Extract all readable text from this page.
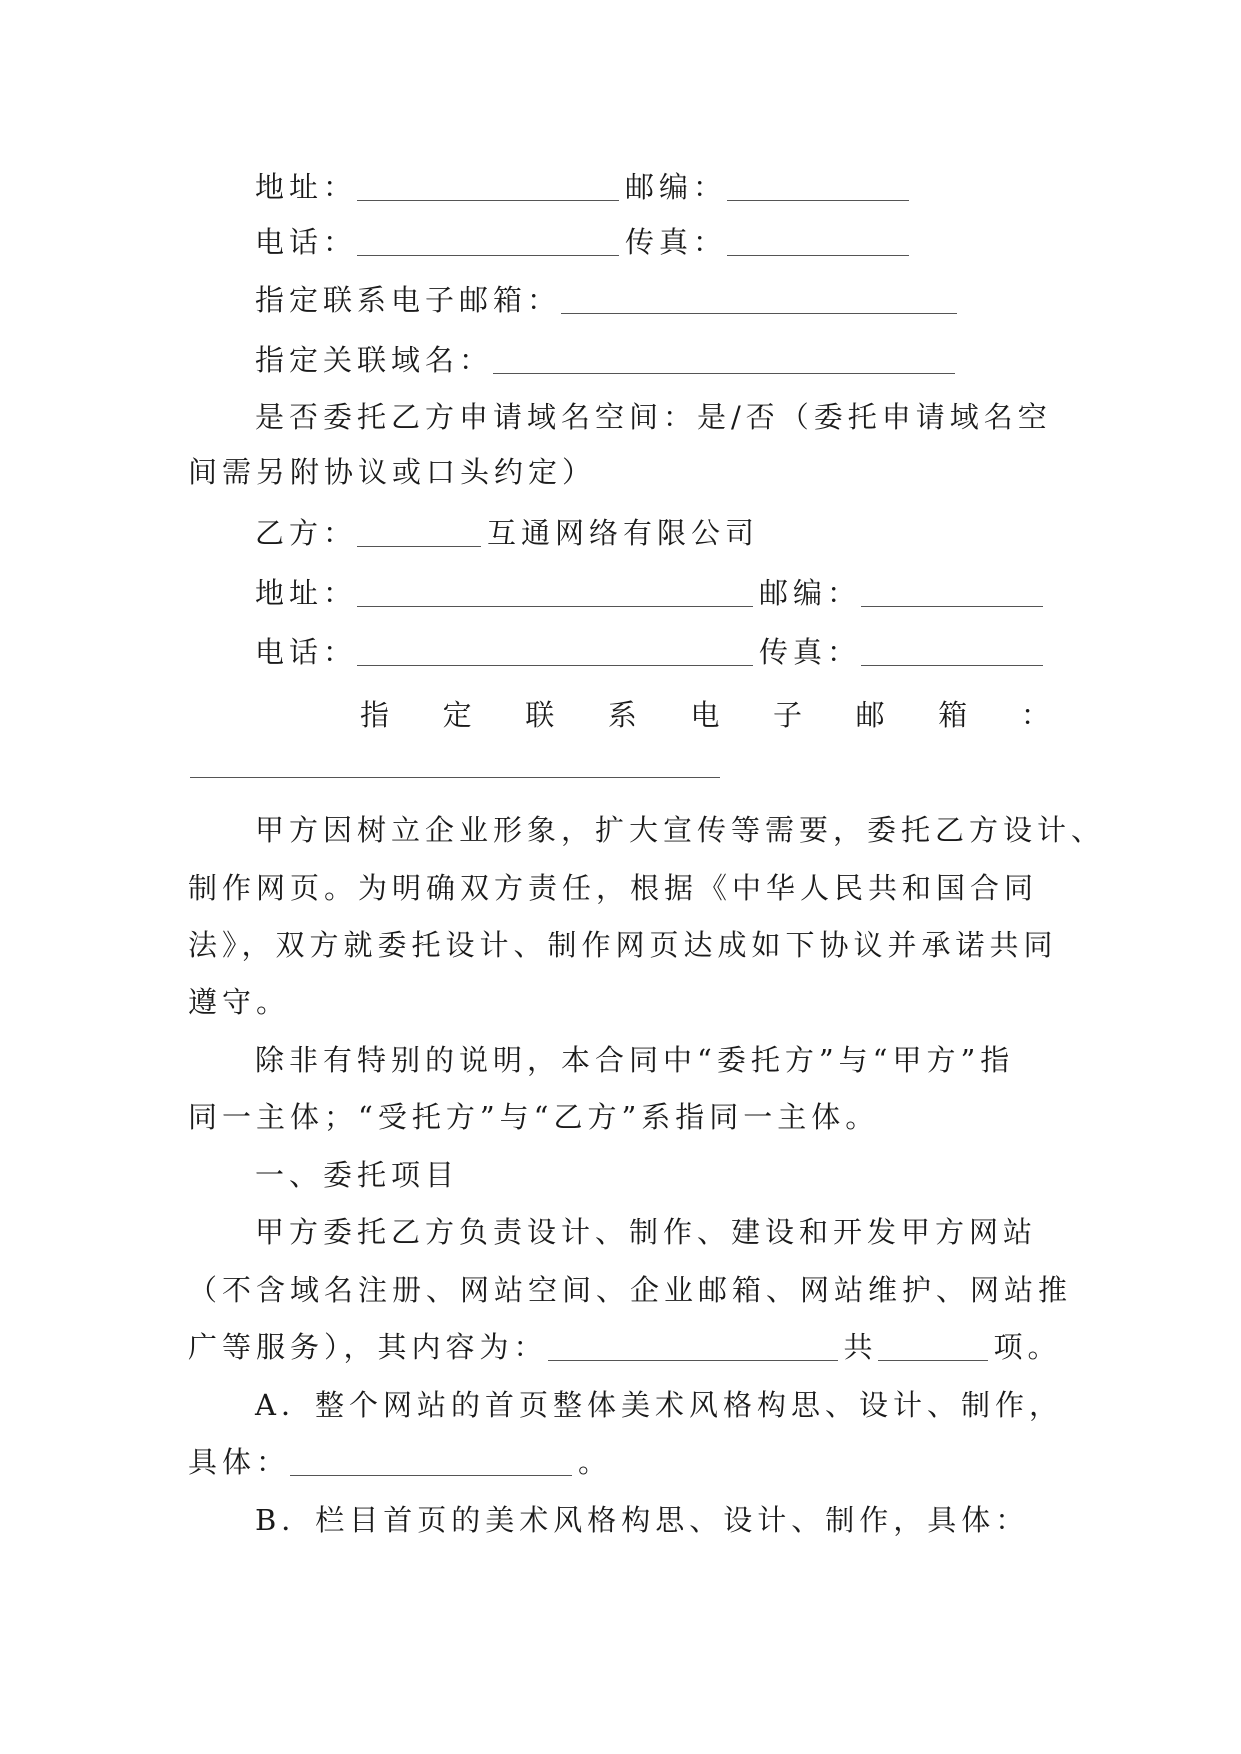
地址：	邮编：
电话：	传真：
指定联系电子邮箱：
指定关联域名：
是否委托乙方申请域名空间：是/否（委托申请域名空
间需另附协议或口头约定）
乙方：	互通网络有限公司
地址：	邮编：
电话：	传真：
指 定 联 系 电 子 邮 箱 ：
甲方因树立企业形象，扩大宣传等需要，委托乙方设计、
制作网页。为明确双方责任，根据《中华人民共和国合同
法》，双方就委托设计、制作网页达成如下协议并承诺共同
遵守。
除非有特别的说明，本合同中“委托方”与“甲方”指
同一主体；“受托方”与“乙方”系指同一主体。
一、委托项目
甲方委托乙方负责设计、制作、建设和开发甲方网站
（不含域名注册、网站空间、企业邮箱、网站维护、网站推
广等服务），其内容为：	共	项。
A．整个网站的首页整体美术风格构思、设计、制作，
具体：	。
B．栏目首页的美术风格构思、设计、制作，具体：
